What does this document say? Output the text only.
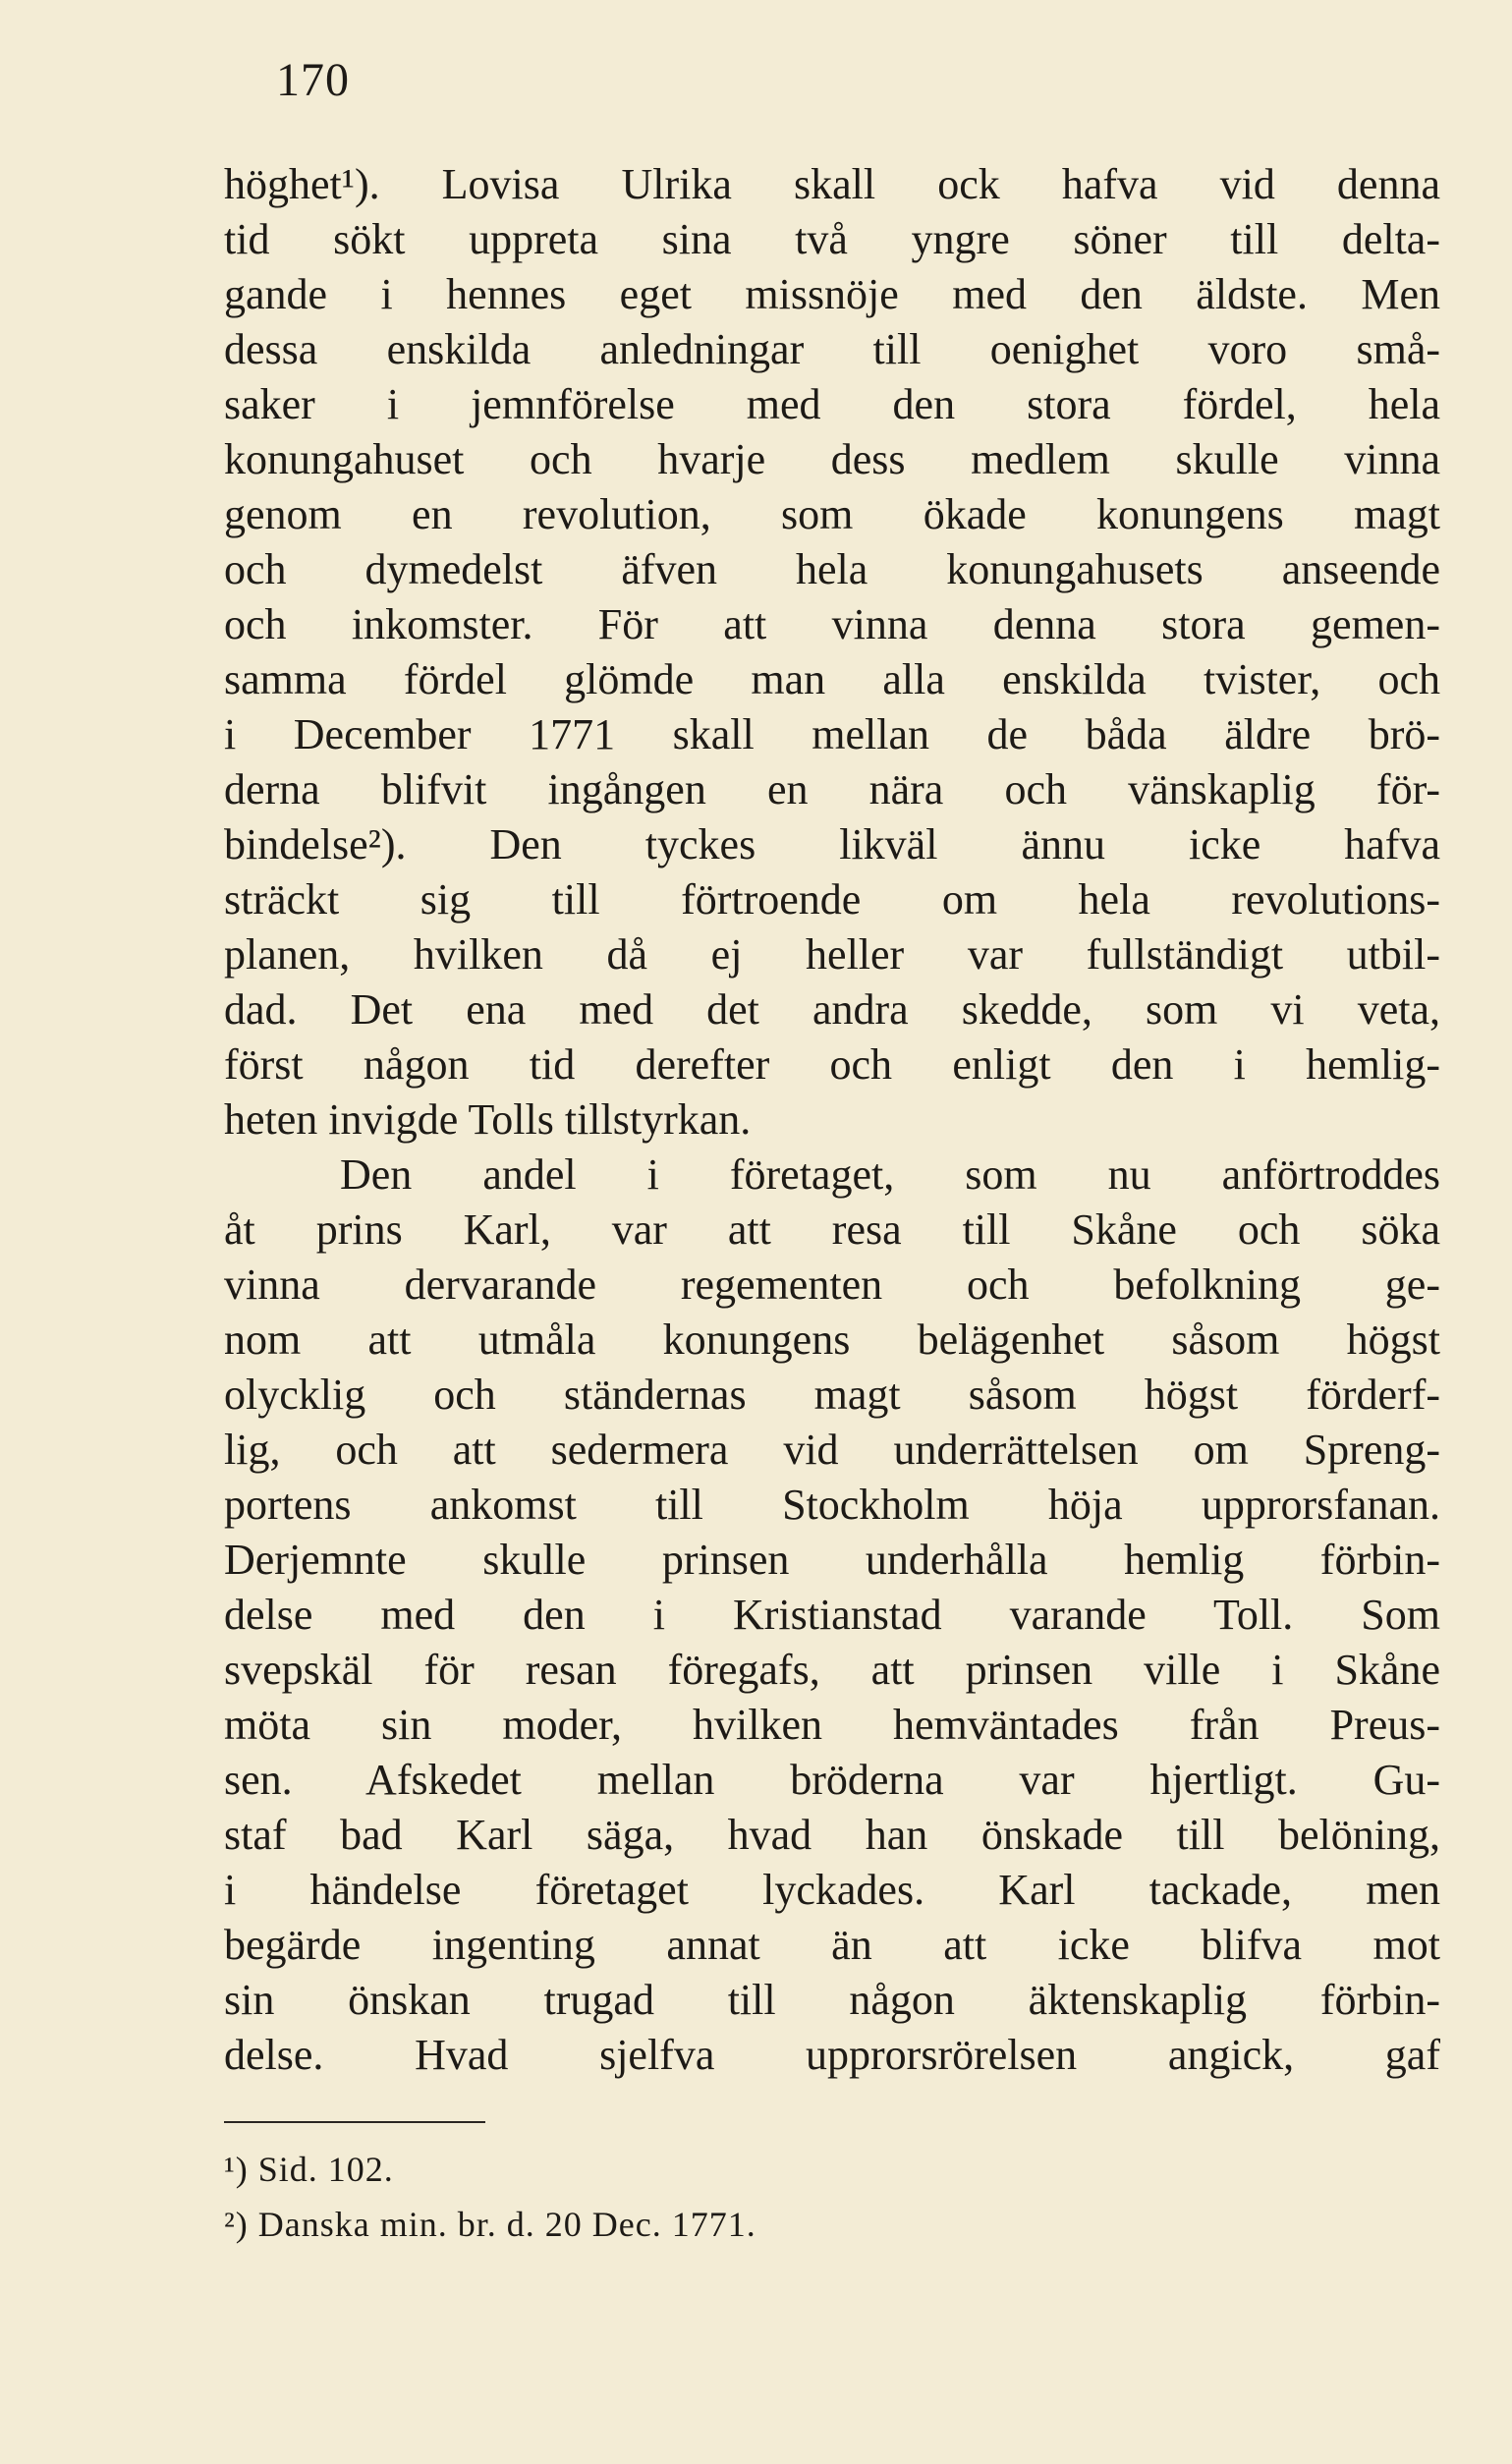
170
höghet¹). Lovisa Ulrika skall ock hafva vid denna
tid sökt uppreta sina två yngre söner till delta-
gande i hennes eget missnöje med den äldste. Men
dessa enskilda anledningar till oenighet voro små-
saker i jemnförelse med den stora fördel, hela
konungahuset och hvarje dess medlem skulle vinna
genom en revolution, som ökade konungens magt
och dymedelst äfven hela konungahusets anseende
och inkomster. För att vinna denna stora gemen-
samma fördel glömde man alla enskilda tvister, och
i December 1771 skall mellan de båda äldre brö-
derna blifvit ingången en nära och vänskaplig för-
bindelse²). Den tyckes likväl ännu icke hafva
sträckt sig till förtroende om hela revolutions-
planen, hvilken då ej heller var fullständigt utbil-
dad. Det ena med det andra skedde, som vi veta,
först någon tid derefter och enligt den i hemlig-
heten invigde Tolls tillstyrkan.
Den andel i företaget, som nu anförtroddes
åt prins Karl, var att resa till Skåne och söka
vinna dervarande regementen och befolkning ge-
nom att utmåla konungens belägenhet såsom högst
olycklig och ständernas magt såsom högst förderf-
lig, och att sedermera vid underrättelsen om Spreng-
portens ankomst till Stockholm höja upprorsfanan.
Derjemnte skulle prinsen underhålla hemlig förbin-
delse med den i Kristianstad varande Toll. Som
svepskäl för resan föregafs, att prinsen ville i Skåne
möta sin moder, hvilken hemväntades från Preus-
sen. Afskedet mellan bröderna var hjertligt. Gu-
staf bad Karl säga, hvad han önskade till belöning,
i händelse företaget lyckades. Karl tackade, men
begärde ingenting annat än att icke blifva mot
sin önskan trugad till någon äktenskaplig förbin-
delse. Hvad sjelfva upprorsrörelsen angick, gaf
¹) Sid. 102.
²) Danska min. br. d. 20 Dec. 1771.
